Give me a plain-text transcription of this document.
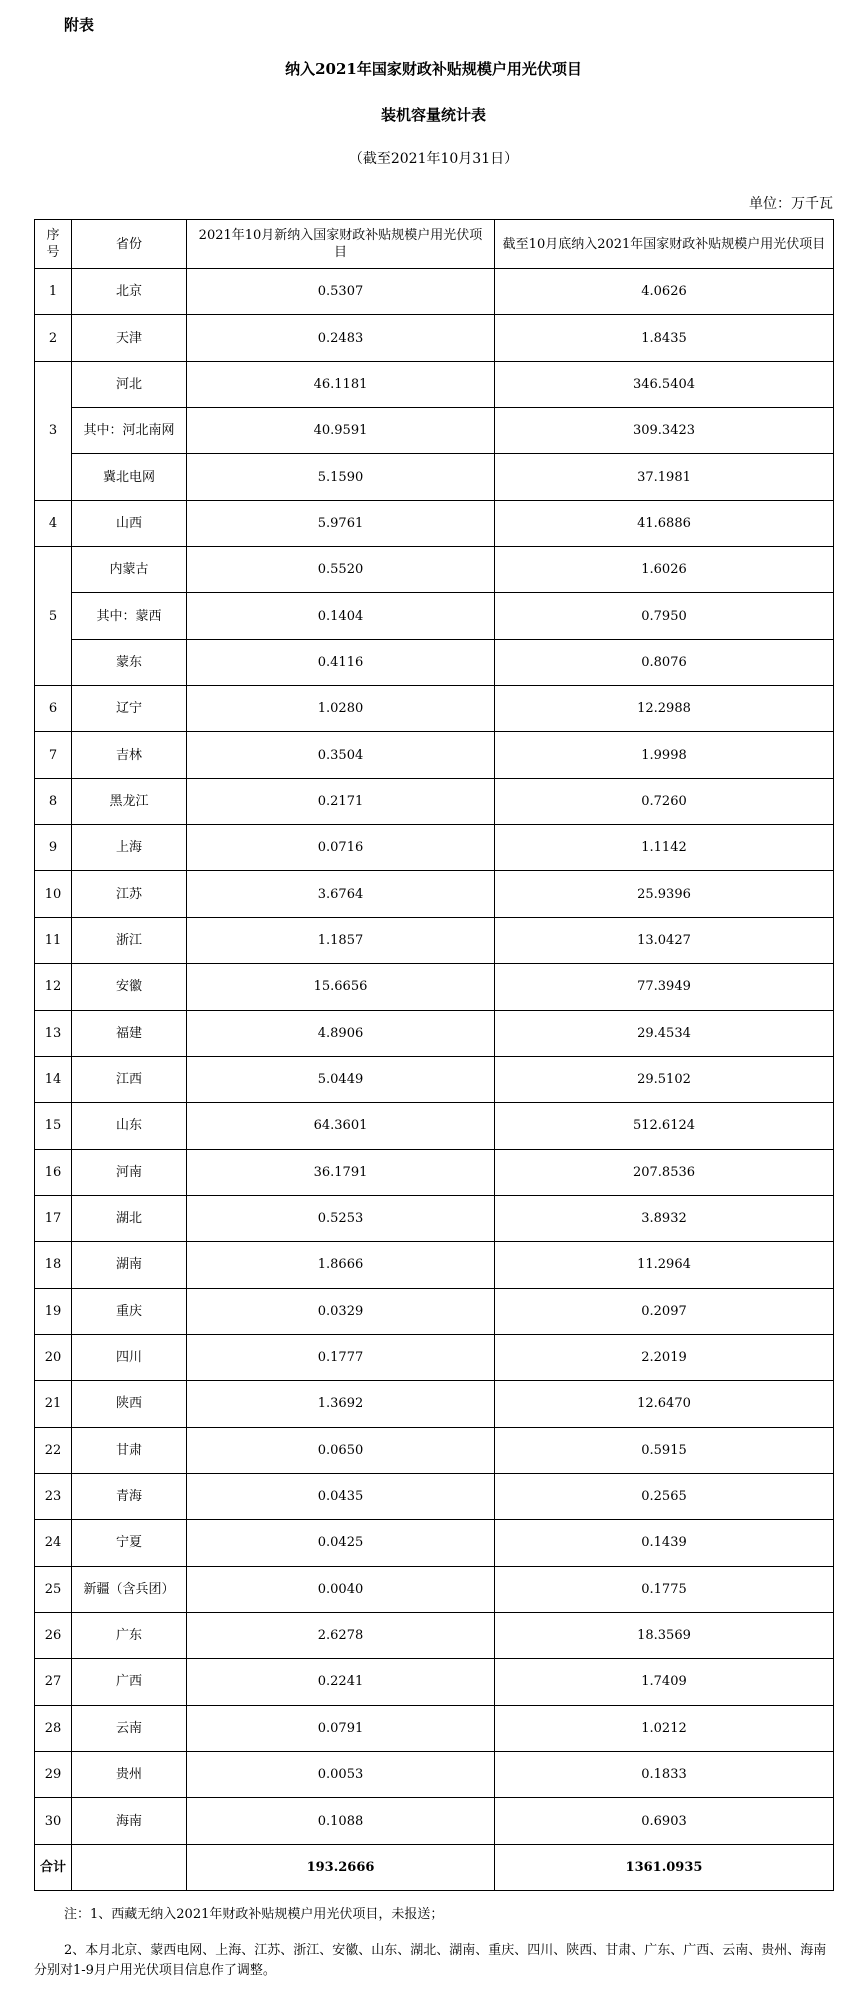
附表
纳入2021年国家财政补贴规模户用光伏项目
装机容量统计表
（截至2021年10月31日）
单位：万千瓦
序号	省份	2021年10月新纳入国家财政补贴规模户用光伏项目	截至10月底纳入2021年国家财政补贴规模户用光伏项目
1	北京	0.5307	4.0626
2	天津	0.2483	1.8435
3	河北	46.1181	346.5404
	其中：河北南网	40.9591	309.3423
	冀北电网	5.1590	37.1981
4	山西	5.9761	41.6886
5	内蒙古	0.5520	1.6026
	其中：蒙西	0.1404	0.7950
	蒙东	0.4116	0.8076
6	辽宁	1.0280	12.2988
7	吉林	0.3504	1.9998
8	黑龙江	0.2171	0.7260
9	上海	0.0716	1.1142
10	江苏	3.6764	25.9396
11	浙江	1.1857	13.0427
12	安徽	15.6656	77.3949
13	福建	4.8906	29.4534
14	江西	5.0449	29.5102
15	山东	64.3601	512.6124
16	河南	36.1791	207.8536
17	湖北	0.5253	3.8932
18	湖南	1.8666	11.2964
19	重庆	0.0329	0.2097
20	四川	0.1777	2.2019
21	陕西	1.3692	12.6470
22	甘肃	0.0650	0.5915
23	青海	0.0435	0.2565
24	宁夏	0.0425	0.1439
25	新疆（含兵团）	0.0040	0.1775
26	广东	2.6278	18.3569
27	广西	0.2241	1.7409
28	云南	0.0791	1.0212
29	贵州	0.0053	0.1833
30	海南	0.1088	0.6903
合计		193.2666	1361.0935
注：1、西藏无纳入2021年财政补贴规模户用光伏项目，未报送；
2、本月北京、蒙西电网、上海、江苏、浙江、安徽、山东、湖北、湖南、重庆、四川、陕西、甘肃、广东、广西、云南、贵州、海南分别对1-9月户用光伏项目信息作了调整。
